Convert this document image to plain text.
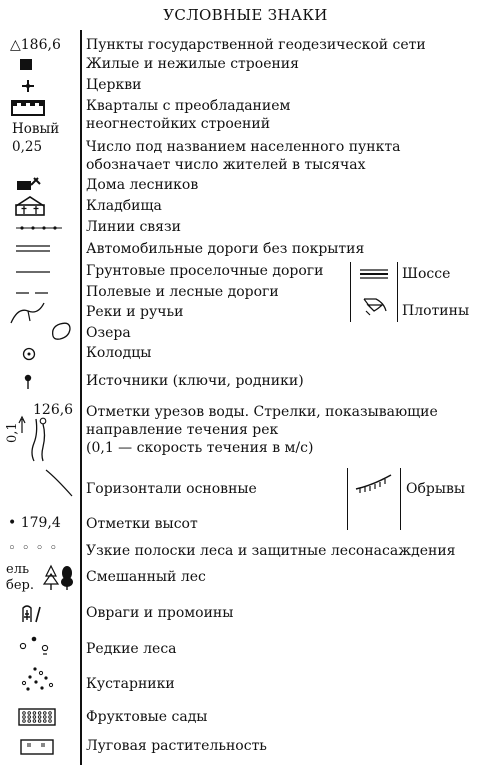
УСЛОВНЫЕ ЗНАКИ
△186,6 Пункты государственной геодезической сети
Жилые и нежилые строения
Церкви
Кварталы с преобладанием
неогнестойких строений
Новый
0,25	Число под названием населенного пункта
обозначает число жителей в тысячах
Дома лесников
Кладбища
Линии связи
Автомобильные дороги без покрытия
Шоссе
Плотины
Грунтовые проселочные дороги
Полевые и лесные дороги
Реки и ручьи
Озера
Колодцы
Источники (ключи, родники)
126,6
0,1
Отметки урезов воды. Стрелки, показывающие
направление течения рек
(0,1 — скорость течения в м/с)
Обрывы
Горизонтали основные
• 179,4 Отметки высот
◦ ◦ ◦ ◦ Узкие полоски леса и защитные лесонасаждения
ель
бер.
Смешанный лес
Овраги и промоины
Редкие леса
Кустарники
Фруктовые сады
Луговая растительность
